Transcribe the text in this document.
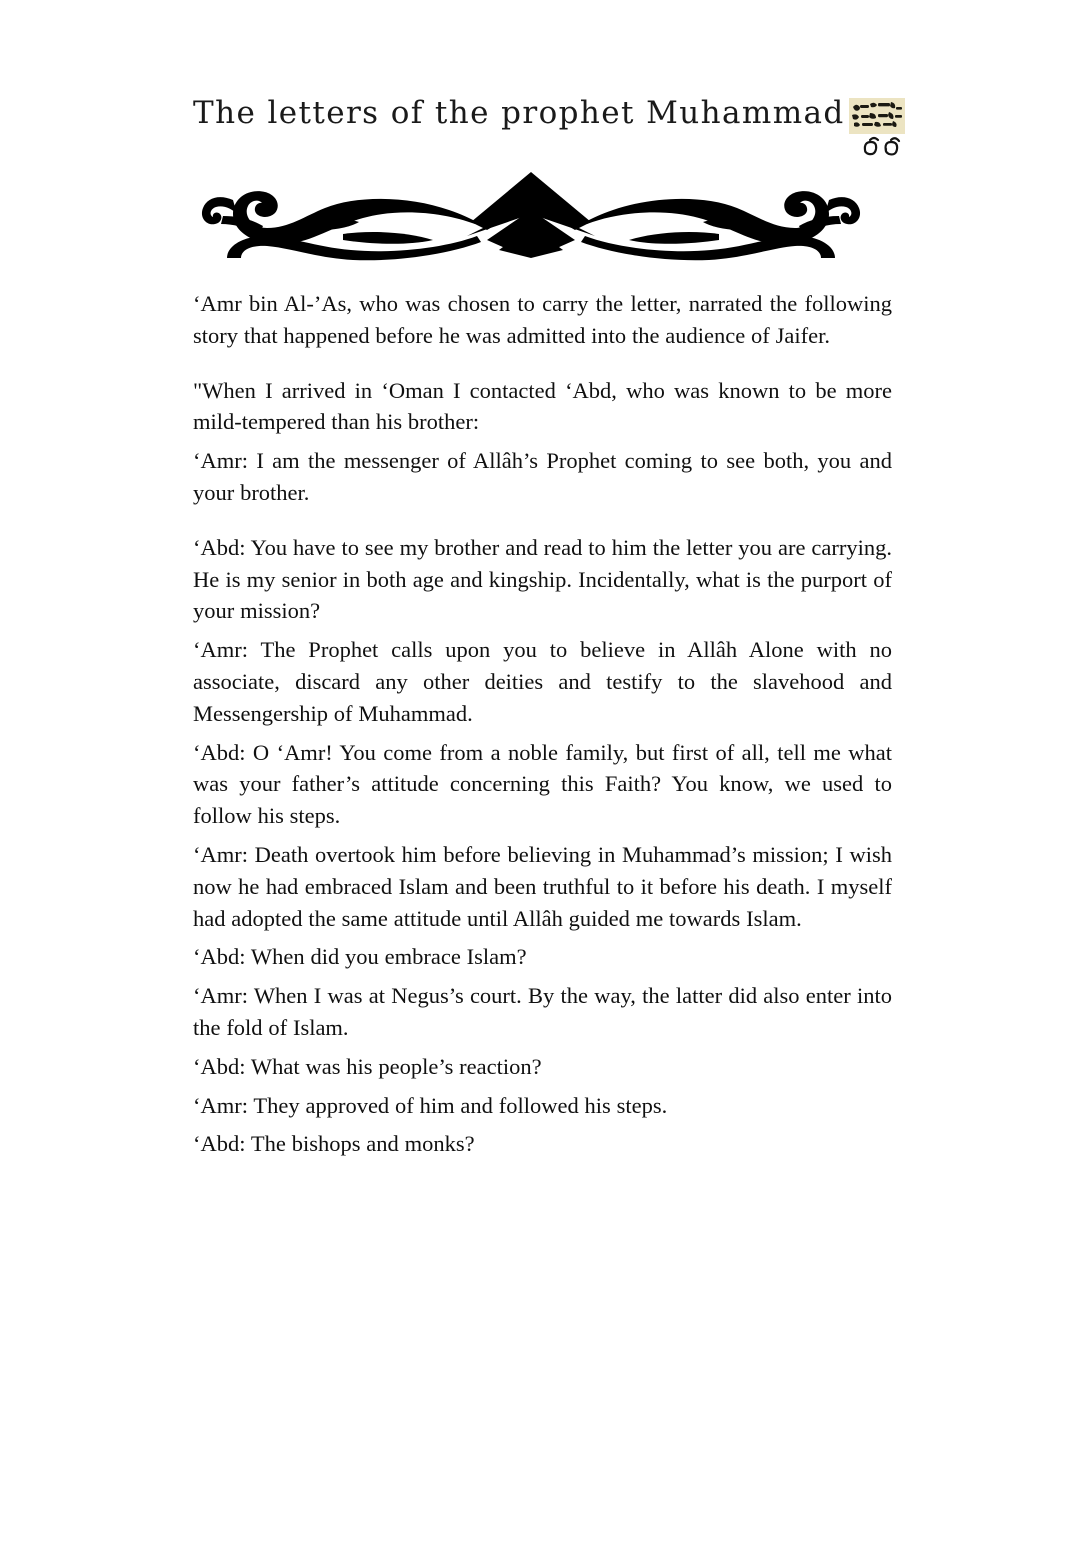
The letters of the prophet Muhammad

‘Amr bin Al-’As, who was chosen to carry the letter, narrated the following story that happened before he was admitted into the audience of Jaifer.

"When I arrived in ‘Oman I contacted ‘Abd, who was known to be more mild-tempered than his brother:

‘Amr: I am the messenger of Allâh’s Prophet coming to see both, you and your brother.

‘Abd: You have to see my brother and read to him the letter you are carrying. He is my senior in both age and kingship. Incidentally, what is the purport of your mission?

‘Amr: The Prophet calls upon you to believe in Allâh Alone with no associate, discard any other deities and testify to the slavehood and Messengership of Muhammad.

‘Abd: O ‘Amr! You come from a noble family, but first of all, tell me what was your father’s attitude concerning this Faith? You know, we used to follow his steps.

‘Amr: Death overtook him before believing in Muhammad’s mission; I wish now he had embraced Islam and been truthful to it before his death. I myself had adopted the same attitude until Allâh guided me towards Islam.

‘Abd: When did you embrace Islam?

‘Amr: When I was at Negus’s court. By the way, the latter did also enter into the fold of Islam.

‘Abd: What was his people’s reaction?

‘Amr: They approved of him and followed his steps.

‘Abd: The bishops and monks?
